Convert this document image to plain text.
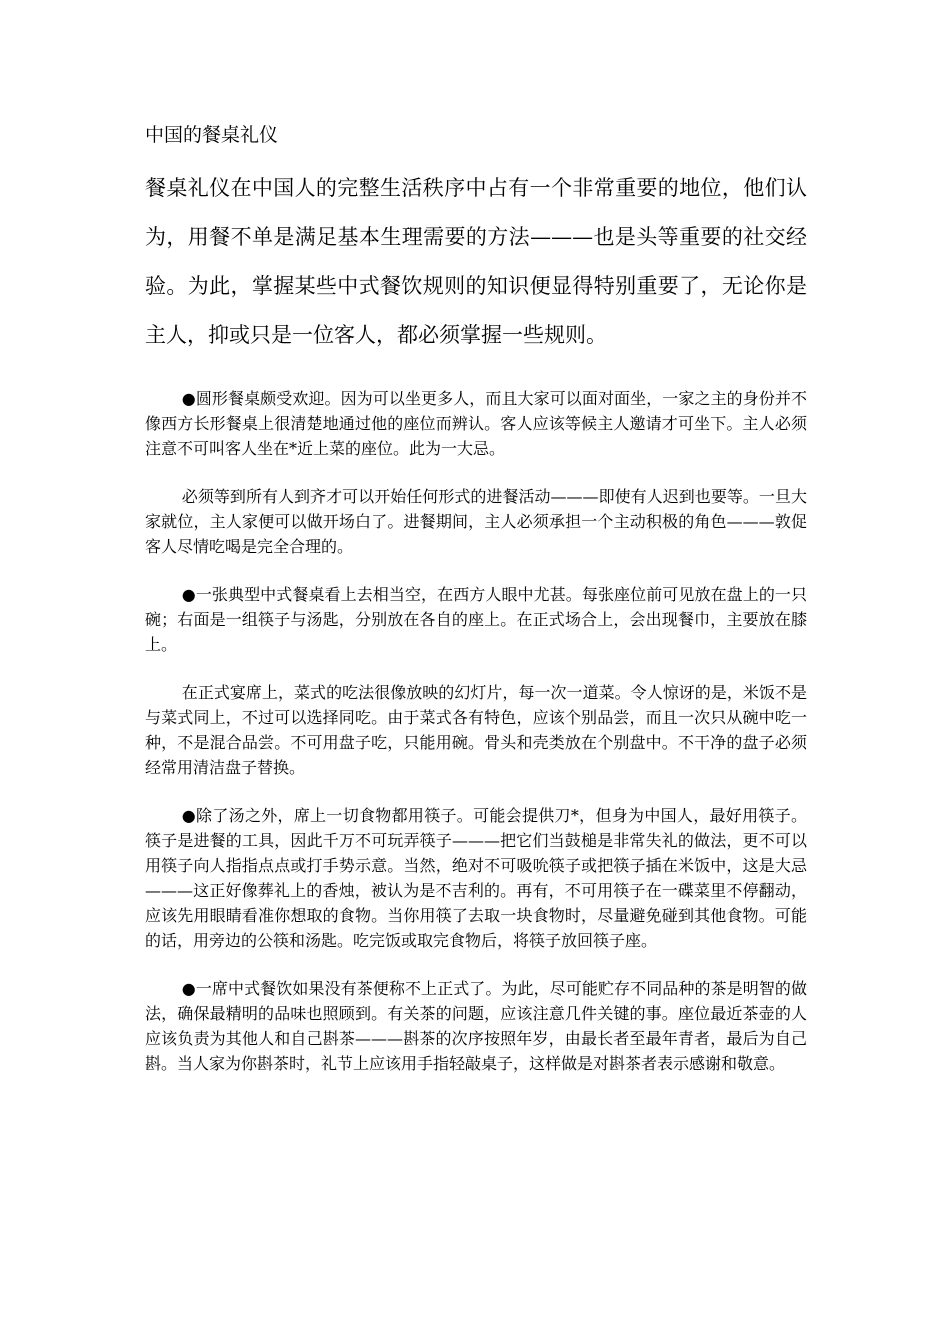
中国的餐桌礼仪

餐桌礼仪在中国人的完整生活秩序中占有一个非常重要的地位，他们认为，用餐不单是满足基本生理需要的方法———也是头等重要的社交经验。为此，掌握某些中式餐饮规则的知识便显得特别重要了，无论你是主人，抑或只是一位客人，都必须掌握一些规则。

●圆形餐桌颇受欢迎。因为可以坐更多人，而且大家可以面对面坐，一家之主的身份并不像西方长形餐桌上很清楚地通过他的座位而辨认。客人应该等候主人邀请才可坐下。主人必须注意不可叫客人坐在*近上菜的座位。此为一大忌。

必须等到所有人到齐才可以开始任何形式的进餐活动———即使有人迟到也要等。一旦大家就位，主人家便可以做开场白了。进餐期间，主人必须承担一个主动积极的角色———敦促客人尽情吃喝是完全合理的。

●一张典型中式餐桌看上去相当空，在西方人眼中尤甚。每张座位前可见放在盘上的一只碗；右面是一组筷子与汤匙，分别放在各自的座上。在正式场合上，会出现餐巾，主要放在膝上。

在正式宴席上，菜式的吃法很像放映的幻灯片，每一次一道菜。令人惊讶的是，米饭不是与菜式同上，不过可以选择同吃。由于菜式各有特色，应该个别品尝，而且一次只从碗中吃一种，不是混合品尝。不可用盘子吃，只能用碗。骨头和壳类放在个别盘中。不干净的盘子必须经常用清洁盘子替换。

●除了汤之外，席上一切食物都用筷子。可能会提供刀*，但身为中国人，最好用筷子。筷子是进餐的工具，因此千万不可玩弄筷子———把它们当鼓槌是非常失礼的做法，更不可以用筷子向人指指点点或打手势示意。当然，绝对不可吸吮筷子或把筷子插在米饭中，这是大忌———这正好像葬礼上的香烛，被认为是不吉利的。再有，不可用筷子在一碟菜里不停翻动，应该先用眼睛看准你想取的食物。当你用筷了去取一块食物时，尽量避免碰到其他食物。可能的话，用旁边的公筷和汤匙。吃完饭或取完食物后，将筷子放回筷子座。

●一席中式餐饮如果没有茶便称不上正式了。为此，尽可能贮存不同品种的茶是明智的做法，确保最精明的品味也照顾到。有关茶的问题，应该注意几件关键的事。座位最近茶壶的人应该负责为其他人和自己斟茶———斟茶的次序按照年岁，由最长者至最年青者，最后为自己斟。当人家为你斟茶时，礼节上应该用手指轻敲桌子，这样做是对斟茶者表示感谢和敬意。
